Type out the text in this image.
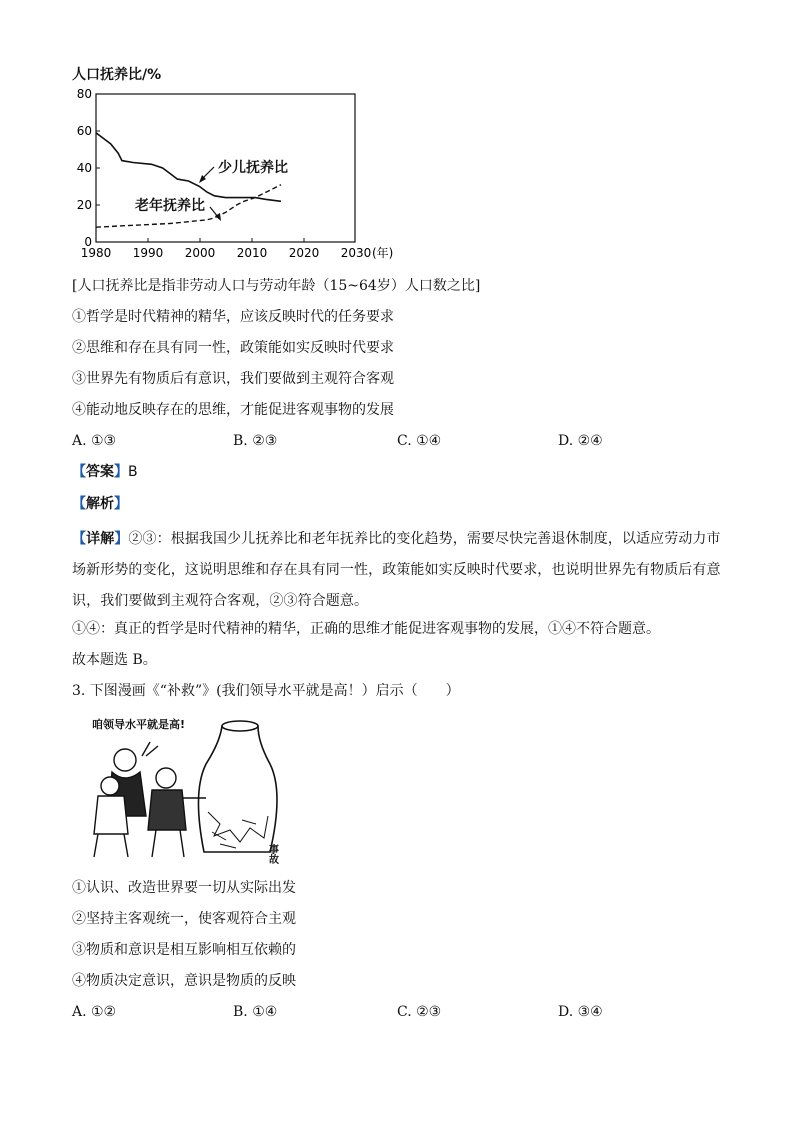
人口抚养比/%
80
60
40
20
0
1980 1990 2000 2010 2020 2030 (年)
少儿抚养比
老年抚养比
[人口抚养比是指非劳动人口与劳动年龄（15~64岁）人口数之比]
①哲学是时代精神的精华，应该反映时代的任务要求
②思维和存在具有同一性，政策能如实反映时代要求
③世界先有物质后有意识，我们要做到主观符合客观
④能动地反映存在的思维，才能促进客观事物的发展
A. ①③	B. ②③	C. ①④	D. ②④
【答案】B
【解析】
【详解】②③：根据我国少儿抚养比和老年抚养比的变化趋势，需要尽快完善退休制度，以适应劳动力市场新形势的变化，这说明思维和存在具有同一性，政策能如实反映时代要求，也说明世界先有物质后有意识，我们要做到主观符合客观，②③符合题意。
①④：真正的哲学是时代精神的精华，正确的思维才能促进客观事物的发展，①④不符合题意。
故本题选 B。
3. 下图漫画《“补救”》(我们领导水平就是高！）启示（　　）
咱领导水平就是高!
事故
①认识、改造世界要一切从实际出发
②坚持主客观统一，使客观符合主观
③物质和意识是相互影响相互依赖的
④物质决定意识，意识是物质的反映
A. ①②	B. ①④	C. ②③	D. ③④
